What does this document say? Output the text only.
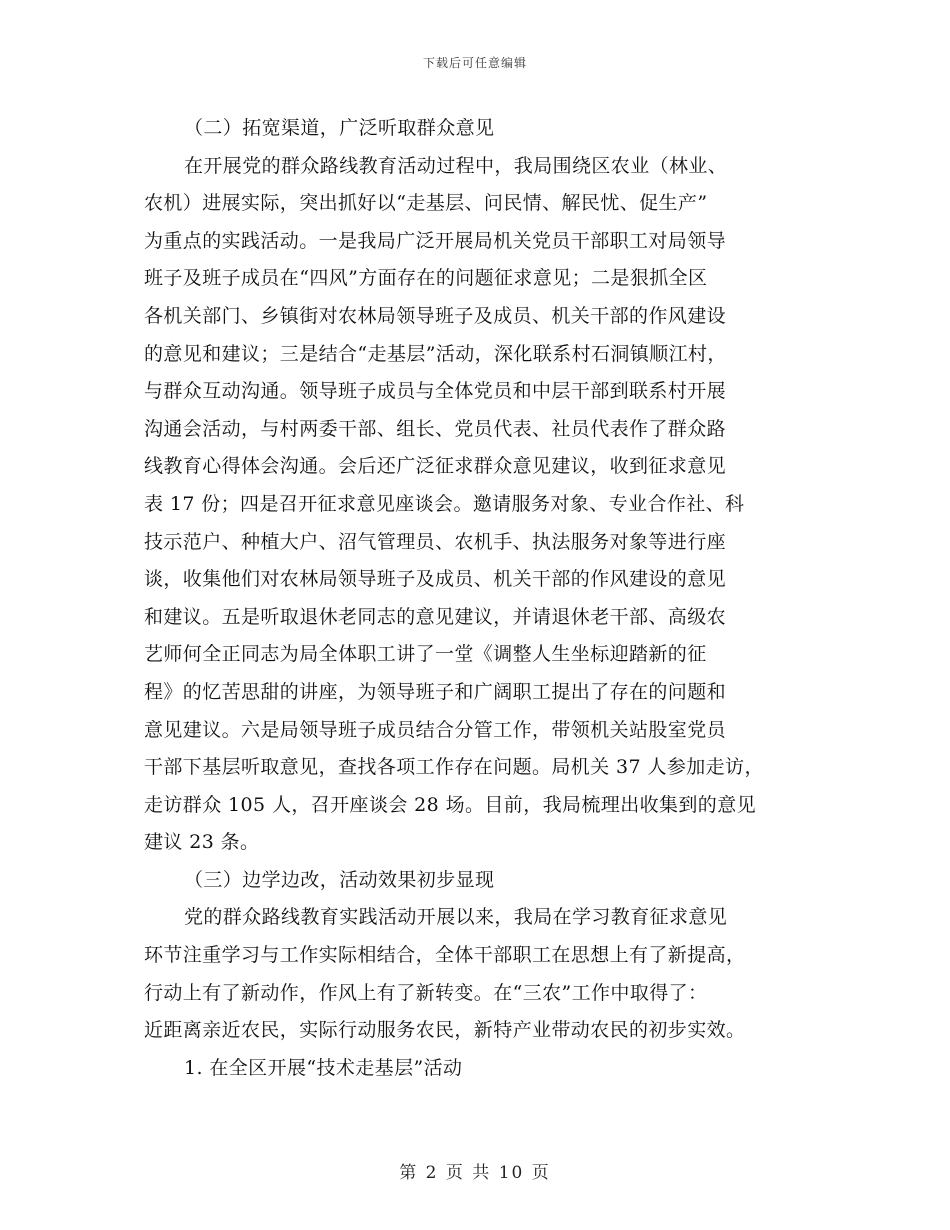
下载后可任意编辑
（二）拓宽渠道，广泛听取群众意见
在开展党的群众路线教育活动过程中，我局围绕区农业（林业、
农机）进展实际，突出抓好以“走基层、问民情、解民忧、促生产”
为重点的实践活动。一是我局广泛开展局机关党员干部职工对局领导
班子及班子成员在“四风”方面存在的问题征求意见；二是狠抓全区
各机关部门、乡镇街对农林局领导班子及成员、机关干部的作风建设
的意见和建议；三是结合“走基层”活动，深化联系村石洞镇顺江村，
与群众互动沟通。领导班子成员与全体党员和中层干部到联系村开展
沟通会活动，与村两委干部、组长、党员代表、社员代表作了群众路
线教育心得体会沟通。会后还广泛征求群众意见建议，收到征求意见
表 17 份；四是召开征求意见座谈会。邀请服务对象、专业合作社、科
技示范户、种植大户、沼气管理员、农机手、执法服务对象等进行座
谈，收集他们对农林局领导班子及成员、机关干部的作风建设的意见
和建议。五是听取退休老同志的意见建议，并请退休老干部、高级农
艺师何全正同志为局全体职工讲了一堂《调整人生坐标迎踏新的征
程》的忆苦思甜的讲座，为领导班子和广阔职工提出了存在的问题和
意见建议。六是局领导班子成员结合分管工作，带领机关站股室党员
干部下基层听取意见，查找各项工作存在问题。局机关 37 人参加走访，
走访群众 105 人，召开座谈会 28 场。目前，我局梳理出收集到的意见
建议 23 条。
（三）边学边改，活动效果初步显现
党的群众路线教育实践活动开展以来，我局在学习教育征求意见
环节注重学习与工作实际相结合，全体干部职工在思想上有了新提高，
行动上有了新动作，作风上有了新转变。在“三农”工作中取得了：
近距离亲近农民，实际行动服务农民，新特产业带动农民的初步实效。
1. 在全区开展“技术走基层”活动
第 2 页 共 10 页
